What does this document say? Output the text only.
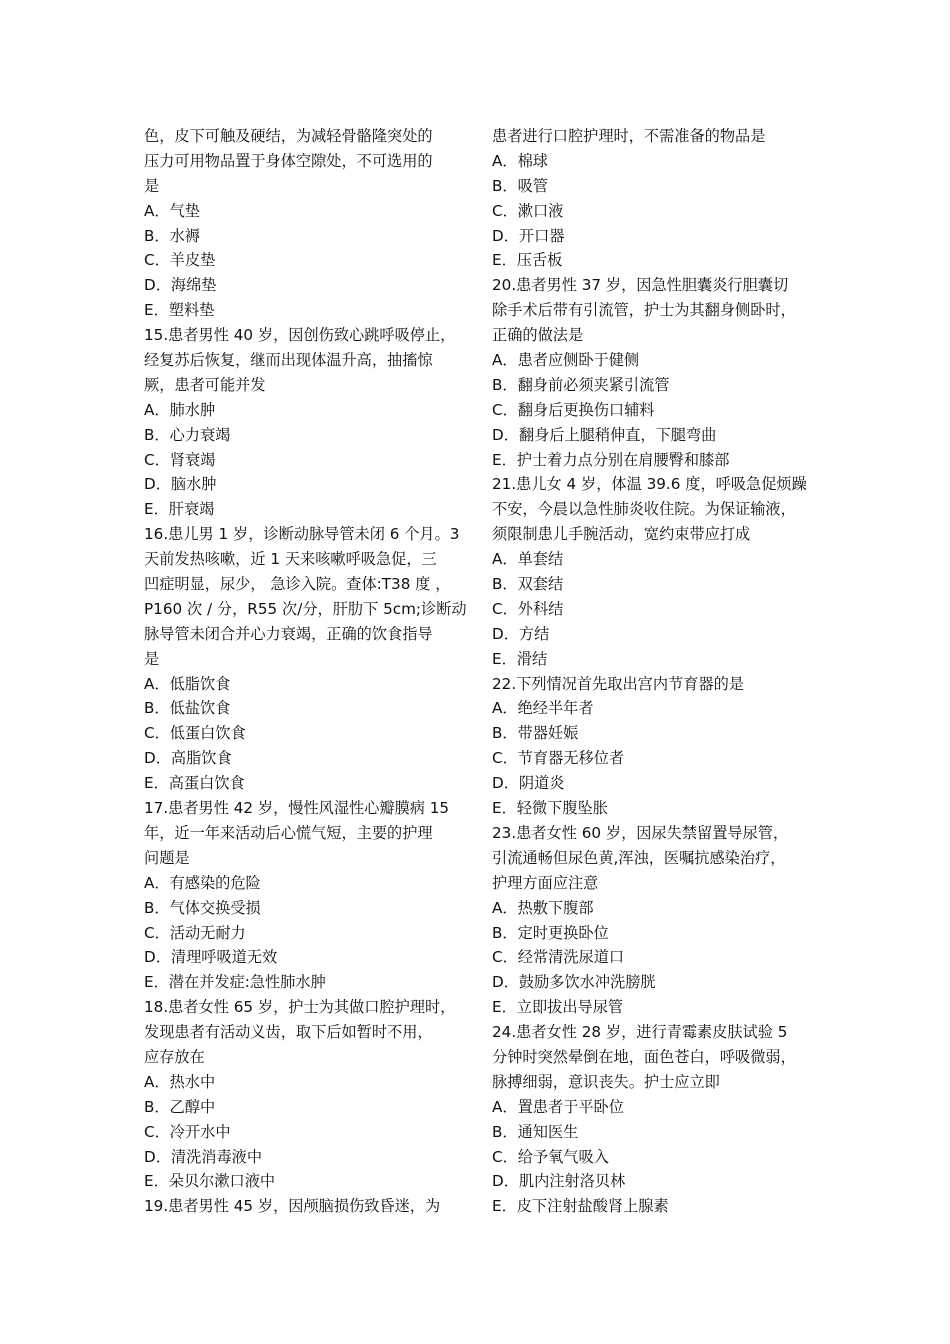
色，皮下可触及硬结，为减轻骨骼隆突处的
压力可用物品置于身体空隙处，不可选用的
是
A．气垫
B．水褥
C．羊皮垫
D．海绵垫
E．塑料垫
15.患者男性 40 岁，因创伤致心跳呼吸停止，
经复苏后恢复，继而出现体温升高，抽搐惊
厥，患者可能并发
A．肺水肿
B．心力衰竭
C．肾衰竭
D．脑水肿
E．肝衰竭
16.患儿男 1 岁，诊断动脉导管未闭 6 个月。3
天前发热咳嗽，近 1 天来咳嗽呼吸急促，三
凹症明显，尿少， 急诊入院。查体:T38 度 ，
P160 次 / 分，R55 次/分，肝肋下 5cm;诊断动
脉导管未闭合并心力衰竭，正确的饮食指导
是
A．低脂饮食
B．低盐饮食
C．低蛋白饮食
D．高脂饮食
E．高蛋白饮食
17.患者男性 42 岁，慢性风湿性心瓣膜病 15
年，近一年来活动后心慌气短，主要的护理
问题是
A．有感染的危险
B．气体交换受损
C．活动无耐力
D．清理呼吸道无效
E．潜在并发症:急性肺水肿
18.患者女性 65 岁，护士为其做口腔护理时，
发现患者有活动义齿，取下后如暂时不用，
应存放在
A．热水中
B．乙醇中
C．冷开水中
D．清洗消毒液中
E．朵贝尔漱口液中
19.患者男性 45 岁，因颅脑损伤致昏迷，为
患者进行口腔护理时，不需准备的物品是
A．棉球
B．吸管
C．漱口液
D．开口器
E．压舌板
20.患者男性 37 岁，因急性胆囊炎行胆囊切
除手术后带有引流管，护士为其翻身侧卧时，
正确的做法是
A．患者应侧卧于健侧
B．翻身前必须夹紧引流管
C．翻身后更换伤口辅料
D．翻身后上腿稍伸直，下腿弯曲
E．护士着力点分别在肩腰臀和膝部
21.患儿女 4 岁，体温 39.6 度，呼吸急促烦躁
不安，今晨以急性肺炎收住院。为保证输液，
须限制患儿手腕活动，宽约束带应打成
A．单套结
B．双套结
C．外科结
D．方结
E．滑结
22.下列情况首先取出宫内节育器的是
A．绝经半年者
B．带器妊娠
C．节育器无移位者
D．阴道炎
E．轻微下腹坠胀
23.患者女性 60 岁，因尿失禁留置导尿管，
引流通畅但尿色黄,浑浊，医嘱抗感染治疗，
护理方面应注意
A．热敷下腹部
B．定时更换卧位
C．经常清洗尿道口
D．鼓励多饮水冲洗膀胱
E．立即拔出导尿管
24.患者女性 28 岁，进行青霉素皮肤试验 5
分钟时突然晕倒在地，面色苍白，呼吸微弱，
脉搏细弱，意识丧失。护士应立即
A．置患者于平卧位
B．通知医生
C．给予氧气吸入
D．肌内注射洛贝林
E．皮下注射盐酸肾上腺素
